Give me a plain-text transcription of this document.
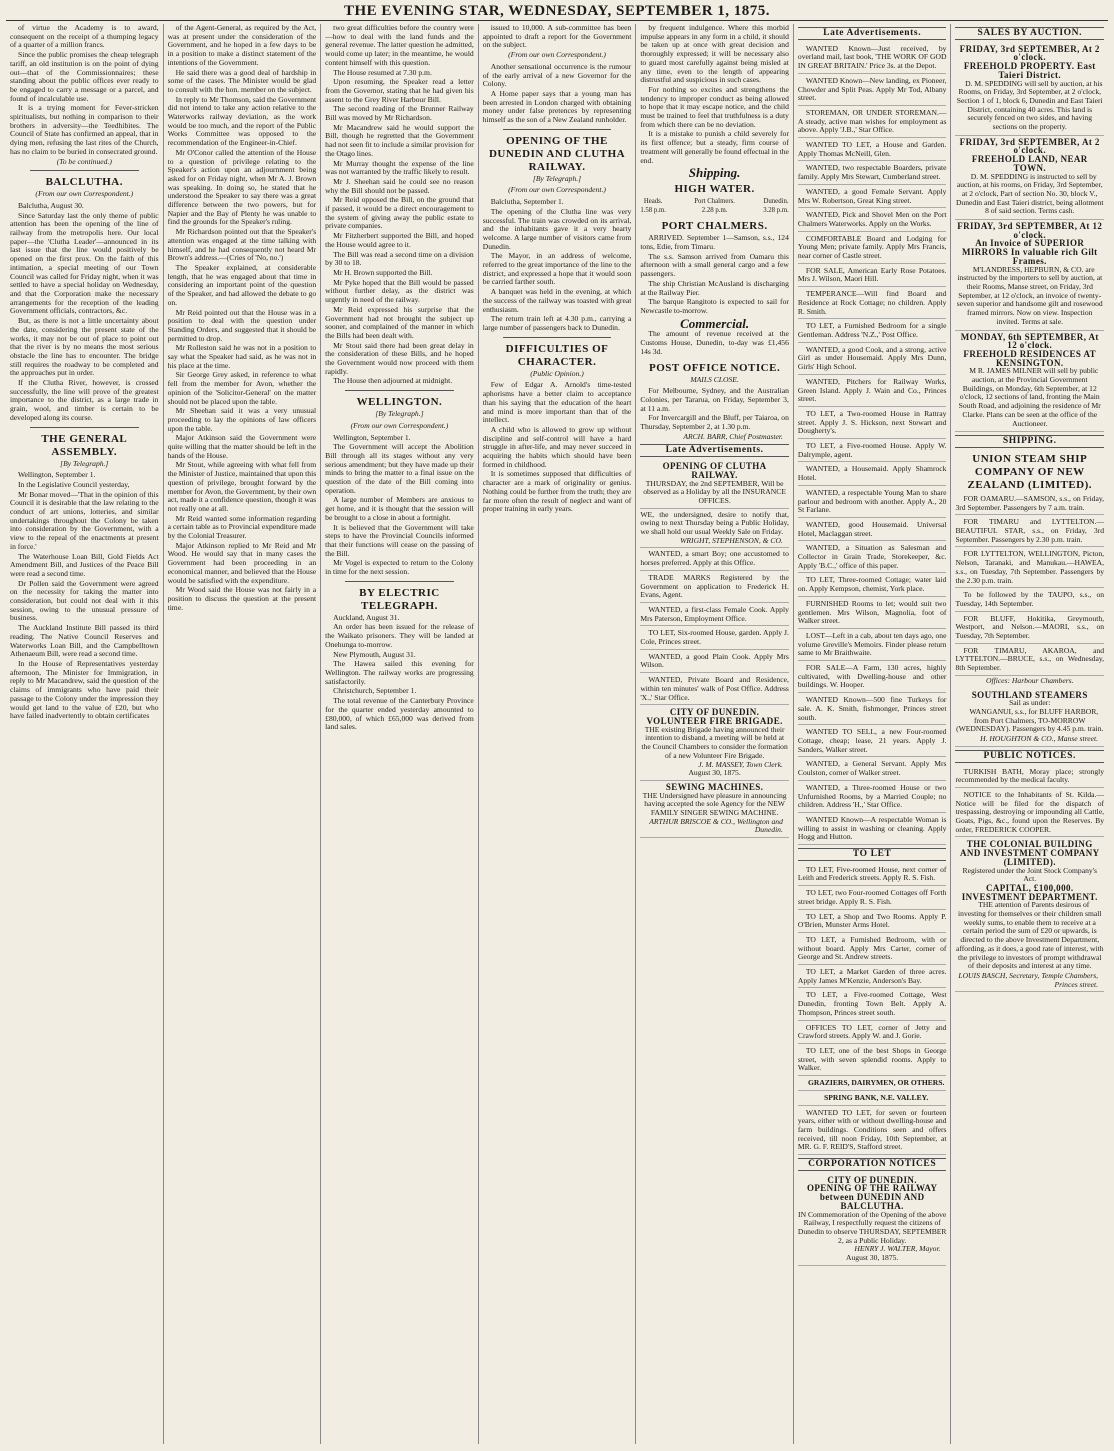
THE EVENING STAR, WEDNESDAY, SEPTEMBER 1, 1875.

of virtue the Academy is to award, consequent on the receipt of a thumping legacy of a quarter of a million francs.

Since the public promises the cheap telegraph tariff, an old institution is on the point of dying out—that of the Commissionnaires; these standing about the public offices ever ready to be engaged to carry a message or a parcel, and found of incalculable use.

It is a trying moment for Fever-stricken spiritualists, but nothing in comparison to their brothers in adversity—the Teedhibites. The Council of State has confirmed an appeal, that in dying men, refusing the last rites of the Church, has no claim to be buried in consecrated ground.

(To be continued.)
BALCLUTHA.
(From our own Correspondent.)

Balclutha, August 30.

Since Saturday last the only theme of public attention has been the opening of the line of railway from the metropolis here. Our local paper—the 'Clutha Leader'—announced in its last issue that the line would positively be opened on the first prox. On the faith of this intimation, a special meeting of our Town Council was called for Friday night, when it was settled to have a special holiday on Wednesday, and that the Corporation make the necessary arrangements for the reception of the leading Government officials, contractors, &c.

But, as there is not a little uncertainty about the date, considering the present state of the works, it may not be out of place to point out that the river is by no means the most serious obstacle the line has to encounter. The bridge still requires the roadway to be completed and the approaches put in order.

If the Clutha River, however, is crossed successfully, the line will prove of the greatest importance to the district, as a large trade in grain, wool, and timber is certain to be developed along its course.

THE GENERAL ASSEMBLY.
[By Telegraph.]

Wellington, September 1.

In the Legislative Council yesterday,

Mr Bonar moved—'That in the opinion of this Council it is desirable that the law relating to the conduct of art unions, lotteries, and similar undertakings throughout the Colony be taken into consideration by the Government, with a view to the repeal of the enactments at present in force.'

The Waterhouse Loan Bill, Gold Fields Act Amendment Bill, and Justices of the Peace Bill were read a second time.

Dr Pollen said the Government were agreed on the necessity for taking the matter into consideration, but could not deal with it this session, owing to the unusual pressure of business.

The Auckland Institute Bill passed its third reading. The Native Council Reserves and Waterworks Loan Bill, and the Campbelltown Athenaeum Bill, were read a second time.

In the House of Representatives yesterday afternoon, The Minister for Immigration, in reply to Mr Macandrew, said the question of the claims of immigrants who have paid their passage to the Colony under the impression they would get land to the value of £20, but who have failed inadvertently to obtain certificates

of the Agent-General, as required by the Act, was at present under the consideration of the Government, and he hoped in a few days to be in a position to make a distinct statement of the intentions of the Government.

He said there was a good deal of hardship in some of the cases. The Minister would be glad to consult with the hon. member on the subject.

In reply to Mr Thomson, said the Government did not intend to take any action relative to the Waterworks railway deviation, as the work would be too much, and the report of the Public Works Committee was opposed to the recommendation of the Engineer-in-Chief.

Mr O'Conor called the attention of the House to a question of privilege relating to the Speaker's action upon an adjournment being asked for on Friday night, when Mr A. J. Brown was speaking. In doing so, he stated that he understood the Speaker to say there was a great difference between the two powers, but for Napier and the Bay of Plenty he was unable to find the grounds for the Speaker's ruling.

Mr Richardson pointed out that the Speaker's attention was engaged at the time talking with himself, and he had consequently not heard Mr Brown's address.—(Cries of 'No, no.')

The Speaker explained, at considerable length, that he was engaged about that time in considering an important point of the question of the Speaker, and had allowed the debate to go on.

Mr Reid pointed out that the House was in a position to deal with the question under Standing Orders, and suggested that it should be permitted to drop.

Mr Rolleston said he was not in a position to say what the Speaker had said, as he was not in his place at the time.

Sir George Grey asked, in reference to what fell from the member for Avon, whether the opinion of the 'Solicitor-General' on the matter should not be placed upon the table.

Mr Sheehan said it was a very unusual proceeding to lay the opinions of law officers upon the table.

Major Atkinson said the Government were quite willing that the matter should be left in the hands of the House.

Mr Stout, while agreeing with what fell from the Minister of Justice, maintained that upon this question of privilege, brought forward by the member for Avon, the Government, by their own act, made it a confidence question, though it was not really one at all.

Mr Reid wanted some information regarding a certain table as to Provincial expenditure made by the Colonial Treasurer.

Major Atkinson replied to Mr Reid and Mr Wood. He would say that in many cases the Government had been proceeding in an economical manner, and believed that the House would be satisfied with the expenditure.

Mr Wood said the House was not fairly in a position to discuss the question at the present time.

two great difficulties before the country were—how to deal with the land funds and the general revenue. The latter question he admitted, would come up later; in the meantime, he would content himself with this question.

The House resumed at 7.30 p.m.

Upon resuming, the Speaker read a letter from the Governor, stating that he had given his assent to the Grey River Harbour Bill.

The second reading of the Brunner Railway Bill was moved by Mr Richardson.

Mr Macandrew said he would support the Bill, though he regretted that the Government had not seen fit to include a similar provision for the Otago lines.

Mr Murray thought the expense of the line was not warranted by the traffic likely to result.

Mr J. Sheehan said he could see no reason why the Bill should not be passed.

Mr Reid opposed the Bill, on the ground that if passed, it would be a direct encouragement to the system of giving away the public estate to private companies.

Mr Fitzherbert supported the Bill, and hoped the House would agree to it.

The Bill was read a second time on a division by 30 to 18.

Mr H. Brown supported the Bill.

Mr Pyke hoped that the Bill would be passed without further delay, as the district was urgently in need of the railway.

Mr Reid expressed his surprise that the Government had not brought the subject up sooner, and complained of the manner in which the Bills had been dealt with.

Mr Stout said there had been great delay in the consideration of these Bills, and he hoped the Government would now proceed with them rapidly.

The House then adjourned at midnight.

WELLINGTON.
[By Telegraph.]
(From our own Correspondent.)

Wellington, September 1.

The Government will accept the Abolition Bill through all its stages without any very serious amendment; but they have made up their minds to bring the matter to a final issue on the question of the date of the Bill coming into operation.

A large number of Members are anxious to get home, and it is thought that the session will be brought to a close in about a fortnight.

It is believed that the Government will take steps to have the Provincial Councils informed that their functions will cease on the passing of the Bill.

Mr Vogel is expected to return to the Colony in time for the next session.

BY ELECTRIC TELEGRAPH.

Auckland, August 31.

An order has been issued for the release of the Waikato prisoners. They will be landed at Onehunga to-morrow.

New Plymouth, August 31.

The Hawea sailed this evening for Wellington. The railway works are progressing satisfactorily.

Christchurch, September 1.

The total revenue of the Canterbury Province for the quarter ended yesterday amounted to £80,000, of which £65,000 was derived from land sales.

issued to 10,000. A sub-committee has been appointed to draft a report for the Government on the subject.

(From our own Correspondent.)

Another sensational occurrence is the rumour of the early arrival of a new Governor for the Colony.

A Home paper says that a young man has been arrested in London charged with obtaining money under false pretences by representing himself as the son of a New Zealand runholder.

OPENING OF THE DUNEDIN AND CLUTHA RAILWAY.
[By Telegraph.]
(From our own Correspondent.)

Balclutha, September 1.

The opening of the Clutha line was very successful. The train was crowded on its arrival, and the inhabitants gave it a very hearty welcome. A large number of visitors came from Dunedin.

The Mayor, in an address of welcome, referred to the great importance of the line to the district, and expressed a hope that it would soon be carried farther south.

A banquet was held in the evening, at which the success of the railway was toasted with great enthusiasm.

The return train left at 4.30 p.m., carrying a large number of passengers back to Dunedin.

DIFFICULTIES OF CHARACTER.
(Public Opinion.)

Few of Edgar A. Arnold's time-tested aphorisms have a better claim to acceptance than his saying that the education of the heart and mind is more important than that of the intellect.

A child who is allowed to grow up without discipline and self-control will have a hard struggle in after-life, and may never succeed in acquiring the habits which should have been formed in childhood.

It is sometimes supposed that difficulties of character are a mark of originality or genius. Nothing could be further from the truth; they are far more often the result of neglect and want of proper training in early years.

by frequent indulgence. Where this morbid impulse appears in any form in a child, it should be taken up at once with great decision and thoroughly expressed; it will be necessary also to guard most carefully against being misled at any time, even to the length of appearing distrustful and suspicious in such cases.

For nothing so excites and strengthens the tendency to improper conduct as being allowed to hope that it may escape notice, and the child must be trained to feel that truthfulness is a duty from which there can be no deviation.

It is a mistake to punish a child severely for its first offence; but a steady, firm course of treatment will generally be found effectual in the end.

Shipping.
HIGH WATER.
Heads.
1.58 p.m.
Port Chalmers.
2.28 p.m.
Dunedin.
3.28 p.m.
PORT CHALMERS.

ARRIVED. September 1—Samson, s.s., 124 tons, Edie, from Timaru.

The s.s. Samson arrived from Oamaru this afternoon with a small general cargo and a few passengers.

The ship Christian McAusland is discharging at the Railway Pier.

The barque Rangitoto is expected to sail for Newcastle to-morrow.

Commercial.

The amount of revenue received at the Customs House, Dunedin, to-day was £1,456 14s 3d.

POST OFFICE NOTICE.
MAILS CLOSE.

For Melbourne, Sydney, and the Australian Colonies, per Tararua, on Friday, September 3, at 11 a.m.

For Invercargill and the Bluff, per Taiaroa, on Thursday, September 2, at 1.30 p.m.

ARCH. BARR, Chief Postmaster.
Late Advertisements.
OPENING OF CLUTHA RAILWAY.
THURSDAY, the 2nd SEPTEMBER, Will be observed as a Holiday by all the INSURANCE OFFICES.
WE, the undersigned, desire to notify that, owing to next Thursday being a Public Holiday, we shall hold our usual Weekly Sale on Friday.
WRIGHT, STEPHENSON, & CO.

WANTED, a smart Boy; one accustomed to horses preferred. Apply at this Office.

TRADE MARKS Registered by the Government on application to Frederick H. Evans, Agent.

WANTED, a first-class Female Cook. Apply Mrs Paterson, Employment Office.

TO LET, Six-roomed House, garden. Apply J. Cole, Princes street.

WANTED, a good Plain Cook. Apply Mrs Wilson.

WANTED, Private Board and Residence, within ten minutes' walk of Post Office. Address 'X.,' Star Office.

CITY OF DUNEDIN.
VOLUNTEER FIRE BRIGADE.
THE existing Brigade having announced their intention to disband, a meeting will be held at the Council Chambers to consider the formation of a new Volunteer Fire Brigade.
J. M. MASSEY, Town Clerk.
August 30, 1875.
SEWING MACHINES.
THE Undersigned have pleasure in announcing having accepted the sole Agency for the NEW FAMILY SINGER SEWING MACHINE.
ARTHUR BRISCOE & CO., Wellington and Dunedin.
Late Advertisements.

WANTED Known—Just received, by overland mail, last book, 'THE WORK OF GOD IN GREAT BRITAIN.' Price 3s. at the Depot.

WANTED Known—New landing, ex Pioneer, Chowder and Split Peas. Apply Mr Tod, Albany street.

STOREMAN, OR UNDER STOREMAN.—A steady, active man wishes for employment as above. Apply 'J.B.,' Star Office.

WANTED TO LET, a House and Garden. Apply Thomas McNeill, Glen.

WANTED, two respectable Boarders, private family. Apply Mrs Stewart, Cumberland street.

WANTED, a good Female Servant. Apply Mrs W. Robertson, Great King street.

WANTED, Pick and Shovel Men on the Port Chalmers Waterworks. Apply on the Works.

COMFORTABLE Board and Lodging for Young Men; private family. Apply Mrs Francis, near corner of Castle street.

FOR SALE, American Early Rose Potatoes. Mrs J. Wilson, Maori Hill.

TEMPERANCE—Will find Board and Residence at Rock Cottage; no children. Apply R. Smith.

TO LET, a Furnished Bedroom for a single Gentleman. Address 'N.Z.,' Post Office.

WANTED, a good Cook, and a strong, active Girl as under Housemaid. Apply Mrs Dunn, Girls' High School.

WANTED, Pitchers for Railway Works, Green Island. Apply J. Wain and Co., Princes street.

TO LET, a Two-roomed House in Rattray street. Apply J. S. Hickson, next Stewart and Dougherty's.

TO LET, a Five-roomed House. Apply W. Dalrymple, agent.

WANTED, a Housemaid. Apply Shamrock Hotel.

WANTED, a respectable Young Man to share parlour and bedroom with another. Apply A., 20 St Farlane.

WANTED, good Housemaid. Universal Hotel, Maclaggan street.

WANTED, a Situation as Salesman and Collector in Grain Trade, Storekeeper, &c. Apply 'B.C.,' office of this paper.

TO LET, Three-roomed Cottage; water laid on. Apply Kempson, chemist, York place.

FURNISHED Rooms to let; would suit two gentlemen. Mrs Wilson, Magnolia, foot of Walker street.

LOST—Left in a cab, about ten days ago, one volume Greville's Memoirs. Finder please return same to Mr Braithwaite.

FOR SALE—A Farm, 130 acres, highly cultivated, with Dwelling-house and other buildings. W. Hooper.

WANTED Known—500 fine Turkeys for sale. A. K. Smith, fishmonger, Princes street south.

WANTED TO SELL, a new Four-roomed Cottage, cheap; lease, 21 years. Apply J. Sanders, Walker street.

WANTED, a General Servant. Apply Mrs Coulston, corner of Walker street.

WANTED, a Three-roomed House or two Unfurnished Rooms, by a Married Couple; no children. Address 'H.,' Star Office.

WANTED Known—A respectable Woman is willing to assist in washing or cleaning. Apply Hogg and Hutton.

TO LET

TO LET, Five-roomed House, next corner of Leith and Frederick streets. Apply R. S. Fish.

TO LET, two Four-roomed Cottages off Forth street bridge. Apply R. S. Fish.

TO LET, a Shop and Two Rooms. Apply P. O'Brien, Munster Arms Hotel.

TO LET, a Furnished Bedroom, with or without board. Apply Mrs Carter, corner of George and St. Andrew streets.

TO LET, a Market Garden of three acres. Apply James M'Kenzie, Anderson's Bay.

TO LET, a Five-roomed Cottage, West Dunedin, fronting Town Belt. Apply A. Thompson, Princes street south.

OFFICES TO LET, corner of Jetty and Crawford streets. Apply W. and J. Gorie.

TO LET, one of the best Shops in George street, with seven splendid rooms. Apply to Walker.

GRAZIERS, DAIRYMEN, OR OTHERS.

SPRING BANK, N.E. VALLEY.

WANTED TO LET, for seven or fourteen years, either with or without dwelling-house and farm buildings. Conditions seen and offers received, till noon Friday, 10th September, at MR. G. F. REID'S, Stafford street.

CORPORATION NOTICES
CITY OF DUNEDIN.
OPENING OF THE RAILWAY between DUNEDIN AND BALCLUTHA.
IN Commemoration of the Opening of the above Railway, I respectfully request the citizens of Dunedin to observe THURSDAY, SEPTEMBER 2, as a Public Holiday.
HENRY J. WALTER, Mayor.
August 30, 1875.
SALES BY AUCTION.
FRIDAY, 3rd SEPTEMBER, At 2 o'clock.
FREEHOLD PROPERTY. East Taieri District.

D. M. SPEDDING will sell by auction, at his Rooms, on Friday, 3rd September, at 2 o'clock, Section 1 of 1, block 6, Dunedin and East Taieri District, containing 40 acres. This land is securely fenced on two sides, and having sections on the property.

FRIDAY, 3rd SEPTEMBER, At 2 o'clock.
FREEHOLD LAND, NEAR TOWN.

D. M. SPEDDING is instructed to sell by auction, at his rooms, on Friday, 3rd September, at 2 o'clock, Part of section No. 30, block V., Dunedin and East Taieri district, being allotment 8 of said section. Terms cash.

FRIDAY, 3rd SEPTEMBER, At 12 o'clock.
An Invoice of SUPERIOR MIRRORS In valuable rich Gilt Frames.

M'LANDRESS, HEPBURN, & CO. are instructed by the importers to sell by auction, at their Rooms, Manse street, on Friday, 3rd September, at 12 o'clock, an invoice of twenty-seven superior and handsome gilt and rosewood framed mirrors. Now on view. Inspection invited. Terms at sale.

MONDAY, 6th SEPTEMBER, At 12 o'clock.
FREEHOLD RESIDENCES AT KENSINGTON.

M R. JAMES MILNER will sell by public auction, at the Provincial Government Buildings, on Monday, 6th September, at 12 o'clock, 12 sections of land, fronting the Main South Road, and adjoining the residence of Mr Clarke. Plans can be seen at the office of the Auctioneer.

SHIPPING.
UNION STEAM SHIP COMPANY OF NEW ZEALAND (LIMITED).

FOR OAMARU.—SAMSON, s.s., on Friday, 3rd September. Passengers by 7 a.m. train.

FOR TIMARU and LYTTELTON.—BEAUTIFUL STAR, s.s., on Friday, 3rd September. Passengers by 2.30 p.m. train.

FOR LYTTELTON, WELLINGTON, Picton, Nelson, Taranaki, and Manukau.—HAWEA, s.s., on Tuesday, 7th September. Passengers by the 2.30 p.m. train.

To be followed by the TAUPO, s.s., on Tuesday, 14th September.

FOR BLUFF, Hokitika, Greymouth, Westport, and Nelson.—MAORI, s.s., on Tuesday, 7th September.

FOR TIMARU, AKAROA, and LYTTELTON.—BRUCE, s.s., on Wednesday, 8th September.

Offices: Harbour Chambers.
SOUTHLAND STEAMERS
Sail as under:

WANGANUI, s.s., for BLUFF HARBOR, from Port Chalmers, TO-MORROW (WEDNESDAY). Passengers by 4.45 p.m. train.

H. HOUGHTON & CO., Manse street.
PUBLIC NOTICES.

TURKISH BATH, Moray place; strongly recommended by the medical faculty.

NOTICE to the Inhabitants of St. Kilda.—Notice will be filed for the dispatch of trespassing, destroying or impounding all Cattle, Goats, Pigs, &c., found upon the Reserves. By order, FREDERICK COOPER.

THE COLONIAL BUILDING AND INVESTMENT COMPANY (LIMITED).
Registered under the Joint Stock Company's Act.
CAPITAL, £100,000.
INVESTMENT DEPARTMENT.

THE attention of Parents desirous of investing for themselves or their children small weekly sums, to enable them to receive at a certain period the sum of £20 or upwards, is directed to the above Investment Department, affording, as it does, a good rate of interest, with the privilege to investors of prompt withdrawal of their deposits and interest at any time.

LOUIS BASCH, Secretary, Temple Chambers, Princes street.
